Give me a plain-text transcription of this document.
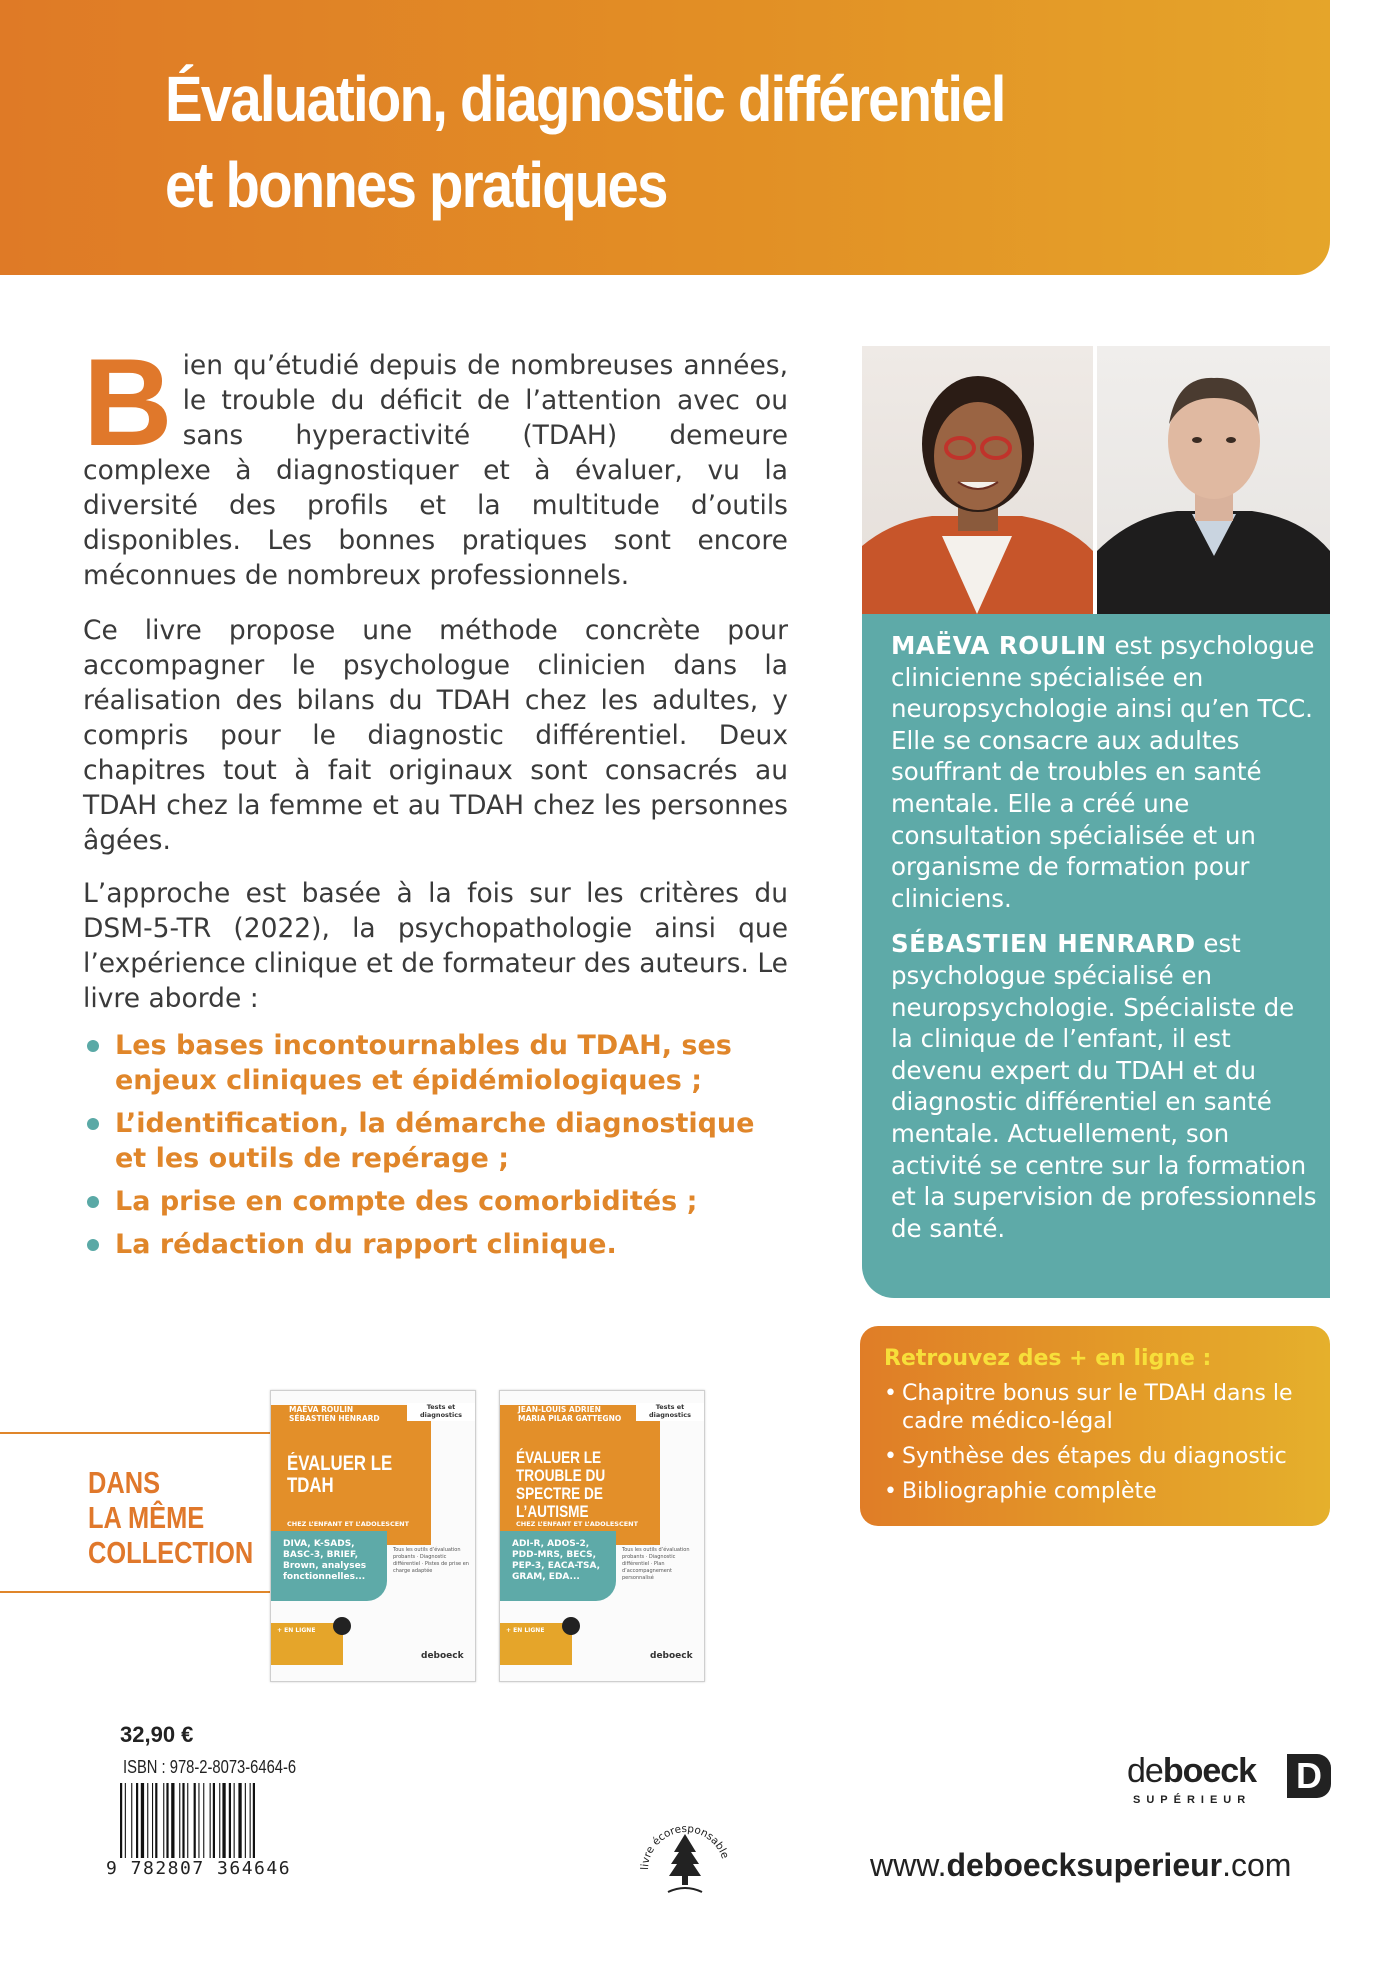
Évaluation, diagnostic différentiel
et bonnes pratiques

Bien qu’étudié depuis de nombreuses années, le trouble du déficit de l’attention avec ou sans hyperactivité (TDAH) demeure complexe à diagnostiquer et à évaluer, vu la diversité des profils et la multitude d’outils disponibles. Les bonnes pratiques sont encore méconnues de nombreux professionnels.

Ce livre propose une méthode concrète pour accompagner le psychologue clinicien dans la réalisation des bilans du TDAH chez les adultes, y compris pour le diagnostic différentiel. Deux chapitres tout à fait originaux sont consacrés au TDAH chez la femme et au TDAH chez les personnes âgées.

L’approche est basée à la fois sur les critères du DSM-5-TR (2022), la psychopathologie ainsi que l’expérience clinique et de formateur des auteurs. Le livre aborde :

Les bases incontournables du TDAH, ses enjeux cliniques et épidémiologiques ;
L’identification, la démarche diagnostique et les outils de repérage ;
La prise en compte des comorbidités ;
La rédaction du rapport clinique.

MAËVA ROULIN est psychologue clinicienne spécialisée en neuropsychologie ainsi qu’en TCC. Elle se consacre aux adultes souffrant de troubles en santé mentale. Elle a créé une consultation spécialisée et un organisme de formation pour cliniciens.

SÉBASTIEN HENRARD est psychologue spécialisé en neuropsychologie. Spécialiste de la clinique de l’enfant, il est devenu expert du TDAH et du diagnostic différentiel en santé mentale. Actuellement, son activité se centre sur la formation et la supervision de professionnels de santé.

Retrouvez des + en ligne :
• Chapitre bonus sur le TDAH dans le cadre médico-légal
• Synthèse des étapes du diagnostic
• Bibliographie complète
DANS
LA MÊME
COLLECTION
MAËVA ROULIN
SÉBASTIEN HENRARD
Tests et diagnostics
ÉVALUER LE TDAH
CHEZ L’ENFANT ET L’ADOLESCENT
DIVA, K-SADS, BASC-3, BRIEF, Brown, analyses fonctionnelles...
Tous les outils d’évaluation probants · Diagnostic différentiel · Pistes de prise en charge adaptée
+ EN LIGNE
deboeck
JEAN-LOUIS ADRIEN
MARIA PILAR GATTEGNO
Tests et diagnostics
ÉVALUER LE TROUBLE DU SPECTRE DE L’AUTISME
CHEZ L’ENFANT ET L’ADOLESCENT
ADI-R, ADOS-2, PDD-MRS, BECS, PEP-3, EACA-TSA, GRAM, EDA...
Tous les outils d’évaluation probants · Diagnostic différentiel · Plan d’accompagnement personnalisé
+ EN LIGNE
deboeck
32,90 €
ISBN : 978-2-8073-6464-6
9 782807 364646	livre écoresponsable
deboeck
SUPÉRIEUR
D
www.deboecksuperieur.com
